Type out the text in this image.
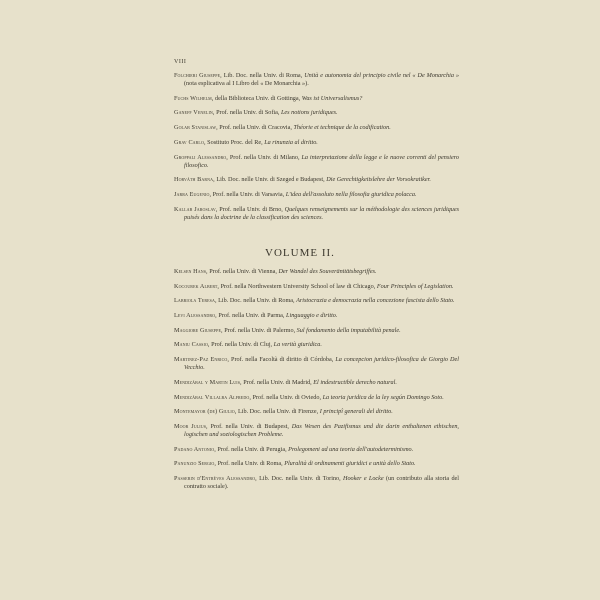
VIII

Folchieri Giuseppe, Lib. Doc. nella Univ. di Roma, Unità e autonomia del principio civile nel « De Monarchia » (nota esplicativa al I Libro del « De Monarchia »).

Fuchs Wilhelm, della Biblioteca Univ. di Gottinga, Was ist Universalismus?

Ganeff Venelin, Prof. nella Univ. di Sofia, Les notions juridiques.

Golab Stanislaw, Prof. nella Univ. di Cracovia, Théorie et technique de la codification.

Grav Carlo, Sostituto Proc. del Re, La rinunzia al diritto.

Groppali Alessandro, Prof. nella Univ. di Milano, La interpretazione della legge e le nuove correnti del pensiero filosofico.

Horváth Barna, Lib. Doc. nelle Univ. di Szeged e Budapest, Die Gerechtigkeitslehre der Vorsokratiker.

Jarra Eugenio, Prof. nella Univ. di Varsavia, L'idea dell'assoluto nella filosofia giuridica polacca.

Kallab Jaroslav, Prof. nella Univ. di Brno, Quelques renseignements sur la méthodologie des sciences juridiques puisés dans la doctrine de la classification des sciences.

VOLUME II.

Kelsen Hans, Prof. nella Univ. di Vienna, Der Wandel des Souveränitätsbegriffes.

Kocourek Albert, Prof. nella Northwestern University School of law di Chicago, Four Principles of Legislation.

Labriola Teresa, Lib. Doc. nella Univ. di Roma, Aristocrazia e democrazia nella concezione fascista dello Stato.

Levi Alessandro, Prof. nella Univ. di Parma, Linguaggio e diritto.

Maggiore Giuseppe, Prof. nella Univ. di Palermo, Sul fondamento della imputabilità penale.

Maniu Cassio, Prof. nella Univ. di Cluj, La verità giuridica.

Martinez-Paz Enrico, Prof. nella Facoltà di diritto di Córdoba, La concepcion juridico-filosofica de Giorgio Del Vecchio.

Mendizábal y Martin Luis, Prof. nella Univ. di Madrid, El indestructible derecho natural.

Mendizábal Villalba Alfredo, Prof. nella Univ. di Oviedo, La teoria juridica de la ley según Domingo Soto.

Montemayor (de) Giulio, Lib. Doc. nella Univ. di Firenze, I principî generali del diritto.

Moor Julius, Prof. nella Univ. di Budapest, Das Wesen des Pazifismus und die darin enthaltenen ethischen, logischen und soziologischen Probleme.

Padano Antonio, Prof. nella Univ. di Perugia, Prolegomeni ad una teoria dell'autodeterminismo.

Panunzio Sergio, Prof. nella Univ. di Roma, Pluralità di ordinamenti giuridici e unità dello Stato.

Passerin d'Entrèves Alessandro, Lib. Doc. nella Univ. di Torino, Hooker e Locke (un contributo alla storia del contratto sociale).
